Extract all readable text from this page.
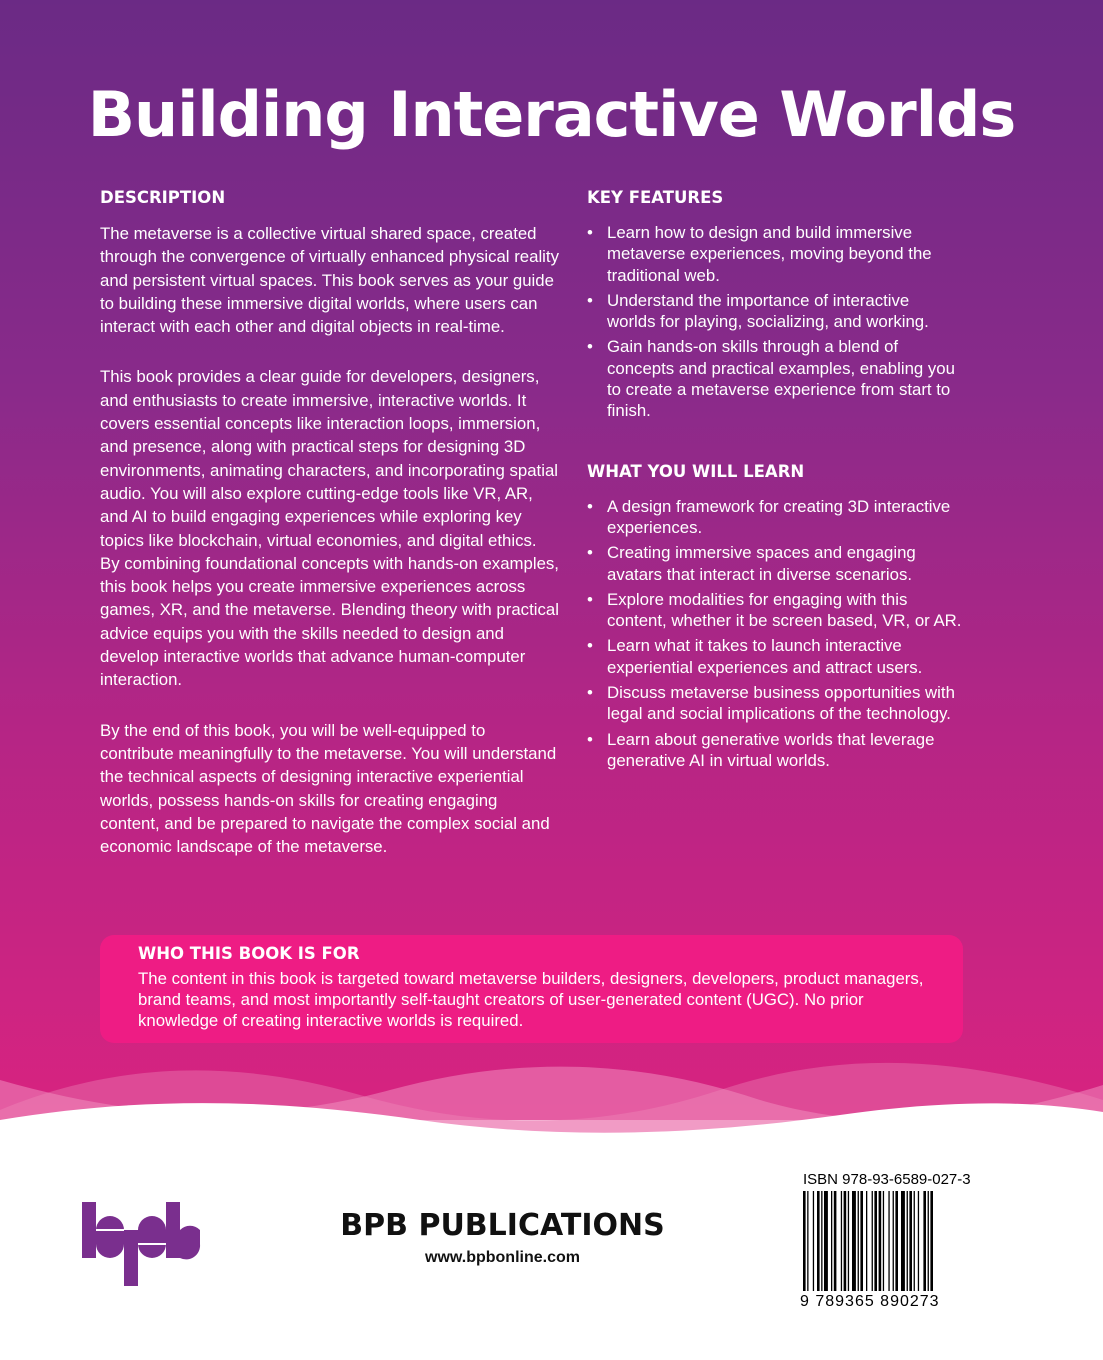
Building Interactive Worlds
DESCRIPTION

The metaverse is a collective virtual shared space, created through the convergence of virtually enhanced physical reality and persistent virtual spaces. This book serves as your guide to building these immersive digital worlds, where users can interact with each other and digital objects in real-time.

This book provides a clear guide for developers, designers, and enthusiasts to create immersive, interactive worlds. It covers essential concepts like interaction loops, immersion, and presence, along with practical steps for designing 3D environments, animating characters, and incorporating spatial audio. You will also explore cutting-edge tools like VR, AR, and AI to build engaging experiences while exploring key topics like blockchain, virtual economies, and digital ethics. By combining foundational concepts with hands-on examples, this book helps you create immersive experiences across games, XR, and the metaverse. Blending theory with practical advice equips you with the skills needed to design and develop interactive worlds that advance human-computer interaction.

By the end of this book, you will be well-equipped to contribute meaningfully to the metaverse. You will understand the technical aspects of designing interactive experiential worlds, possess hands-on skills for creating engaging content, and be prepared to navigate the complex social and economic landscape of the metaverse.

KEY FEATURES
• Learn how to design and build immersive metaverse experiences, moving beyond the traditional web.
• Understand the importance of interactive worlds for playing, socializing, and working.
• Gain hands-on skills through a blend of concepts and practical examples, enabling you to create a metaverse experience from start to finish.
WHAT YOU WILL LEARN
• A design framework for creating 3D interactive experiences.
• Creating immersive spaces and engaging avatars that interact in diverse scenarios.
• Explore modalities for engaging with this content, whether it be screen based, VR, or AR.
• Learn what it takes to launch interactive experiential experiences and attract users.
• Discuss metaverse business opportunities with legal and social implications of the technology.
• Learn about generative worlds that leverage generative AI in virtual worlds.
WHO THIS BOOK IS FOR
The content in this book is targeted toward metaverse builders, designers, developers, product managers, brand teams, and most importantly self-taught creators of user-generated content (UGC). No prior knowledge of creating interactive worlds is required.
BPB PUBLICATIONS
www.bpbonline.com
ISBN 978-93-6589-027-3
9 789365 890273
